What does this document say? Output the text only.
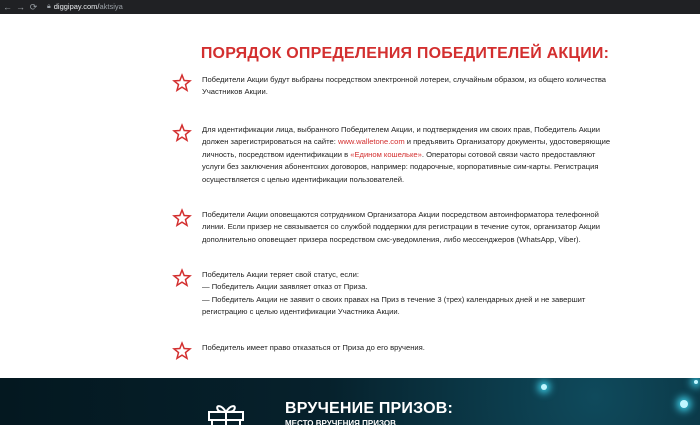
← → ⟳ 🔒︎ diggipay.com/aktsiya
ПОРЯДОК ОПРЕДЕЛЕНИЯ ПОБЕДИТЕЛЕЙ АКЦИИ:

Победители Акции будут выбраны посредством электронной лотереи, случайным образом, из общего количества

Участников Акции.

Для идентификации лица, выбранного Победителем Акции, и подтверждения им своих прав, Победитель Акции

должен зарегистрироваться на сайте: www.walletone.com и предъявить Организатору документы, удостоверяющие

личность, посредством идентификации в «Едином кошельке». Операторы сотовой связи часто предоставляют

услуги без заключения абонентских договоров, например: подарочные, корпоративные сим-карты. Регистрация

осуществляется с целью идентификации пользователей.

Победители Акции оповещаются сотрудником Организатора Акции посредством автоинформатора телефонной

линии. Если призер не связывается со службой поддержки для регистрации в течение суток, организатор Акции

дополнительно оповещает призера посредством смс-уведомления, либо мессенджеров (WhatsApp, Viber).

Победитель Акции теряет свой статус, если:

— Победитель Акции заявляет отказ от Приза.

— Победитель Акции не заявит о своих правах на Приз в течение 3 (трех) календарных дней и не завершит

регистрацию с целью идентификации Участника Акции.

Победитель имеет право отказаться от Приза до его вручения.

ВРУЧЕНИЕ ПРИЗОВ:
МЕСТО ВРУЧЕНИЯ ПРИЗОВ
